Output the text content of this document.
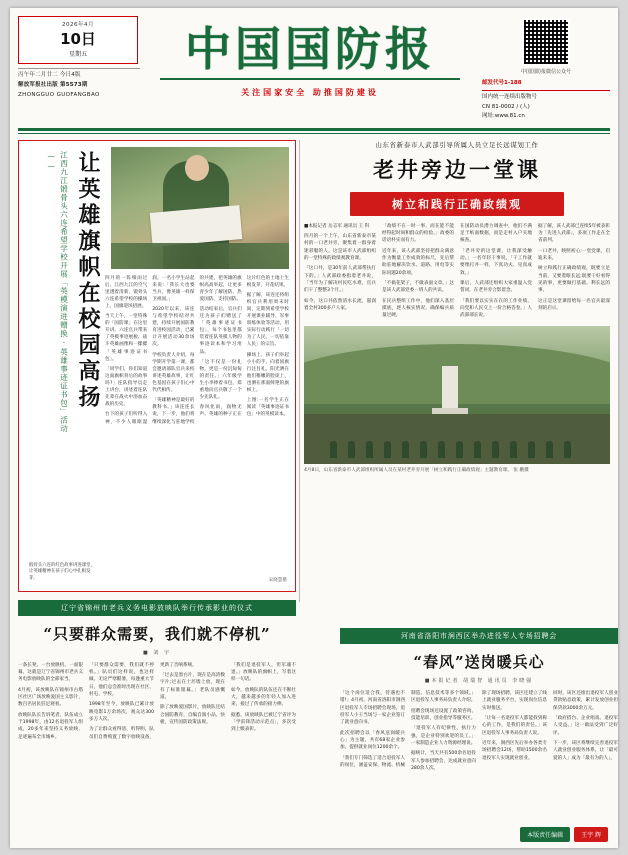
2026年4月
10日
星期五
丙午年二月廿二 今日4版
解放军报社出版 第5573期
ZHONGGUO GUOFANGBAO
中国国防报
关注国家安全 助推国防建设
中国国防报微信公众号
邮发代号1-188
国内统一连续出版物号
CN 81-0002 / (人)
网址:www.81.cn
让英雄旗帜在校园高扬
江西九江锻骨头六连希望学校开展「英模演进赠换·英雄事迹证书包」活动——

四月的一阵细雨过后，江西九江的空气里透着清新，锻骨头六连希望学校的操场上，国旗迎风招展。

当天上午，一堂特殊的「国防课」在这里开讲。六连官兵带来了英模事迹展板、战斗英雄画像和一摞摞「英雄事迹证书包」。

「同学们，你们知道这面旗帜背后的故事吗?」连队指导员走上讲台，讲述着连队先辈在战火中浴血奋战的历史。

台下的孩子们听得入神，不少人眼眶湿润。一名小学生站起来说:「我长大也要当兵，像英雄一样保卫祖国。」

2020年以来，该连与希望学校结对共建，持续开展国防教育进校园活动，已累计开展活动30余场次。

学校负责人介绍，每学期开学第一课，都会邀请部队官兵来校讲述英雄故事，让红色基因在孩子们心中代代相传。

「英雄精神是最好的教科书。」该连连长说，下一步，他们将继续深化与驻地学校的共建，把英雄的旗帜高高举起，让更多青少年了解国防、热爱国防、支持国防。

活动结束后，官兵们还为孩子们赠送了「英雄事迹证书包」，每个书包里都装着连队英模人物的事迹读本和学习用品。

「这不仅是一份礼物，更是一份沉甸甸的责任。」六年级学生小李捧着书包，郑重地向官兵敬了一个少先队礼。

春风化雨，润物无声。英雄的种子正在这片红色的土地上生根发芽，开花结果。

据了解，该连还将组织官兵利用周末时间，定期到希望学校开展课业辅导、军事训练体验等活动，用实际行动践行「一切为了人民、一切依靠人民」的宗旨。

操场上，孩子们举起小小的手，向着国旗行注目礼。阳光洒在他们稚嫩的脸庞上，也洒在那面鲜艳的旗帜上。

上图:一名学生正在阅读「英雄事迹证书包」中的英模读本。

锻骨头六连的红色故事讲进课堂，让英雄精神在孩子们心中扎根发芽。	宋晓慧摄
辽宁省锦州市老兵义务电影放映队举行传承影业的仪式
“只要群众需要，我们就不停机”
■ 刘 宇

一条长凳、一台放映机、一面银幕，这就是辽宁省锦州市老兵义务电影放映队的全部家当。

4月初，该放映队在锦州市古塔区社区广场放映爱国主义影片，数百名居民驻足观看。

放映队队长告诉笔者，队伍成立于1998年，由12名退役军人组成，20多年来坚持义务放映，足迹遍布全市城乡。

「只要群众需要，我们就不停机。」队员们这样说，也这样做。无论严寒酷暑，每逢重大节日，他们总会准时出现在社区、村屯、学校。

1998年至今，放映队已累计放映电影1万余场次，观众达300多万人次。

为了让群众看得清、听得明，队员们自费购置了数字放映设备，更新了音响系统。

「过去是黑白片，现在是高清数字片;过去在土坯墙上放，现在有了标准银幕。」老队员感慨道。

除了放映爱国影片，放映队还结合国防教育，自编自演小品、快板，宣传国防政策法规。

「我们是退役军人，但军魂不退。」放映队的旗帜上，写着这样一句话。

如今，放映队的队伍还在不断壮大，越来越多的年轻人加入进来，接过了传承的接力棒。

据悉，该放映队已被辽宁省评为「学雷锋活动示范点」，多次受到上级表彰。

山东省新泰市人武部引导所属人员立足长远谋划工作
老井旁边一堂课
树立和践行正确政绩观

■本报记者 岳志军 通讯员 王 科

四月的一个上午，山东省新泰市某村的一口老井旁，聚集着一群身着迷彩服的人。这是该市人武部组织的一堂特殊的政绩观教育课。

「这口井，是30年前人武部帮扶打下的。」人武部政委指着老井说，「当年为了解决村民吃水难，官兵们干了整整3个月。」

如今，这口井依然清水长流，滋润着全村300多户人家。

「政绩不在一时一事，而在能不能经得起时间和群众的检验。」政委的话语朴实而有力。

近年来，该人武部坚持把群众满意作为衡量工作成效的标尺，先后帮助驻地解决饮水、道路、用电等实际问题20余项。

「不搞花架子，不做表面文章。」这是该人武部党委一班人的共识。

在民兵整组工作中，他们深入基层摸底，逐人核实情况，确保编兵质量过硬。

在国防动员潜力调查中，他们不满足于纸面数据，而是走村入户实地核查。

「老井旁的这堂课，让我深受触动。」一名年轻干事说，「干工作就要像打井一样，下真功夫、见真成效。」

课后，人武部还组织大家重温入党誓词，在老井旁合影留念。

「我们要以实实在在的工作业绩，向党和人民交上一份合格答卷。」人武部部长说。

据了解，该人武部已连续5年被表彰为「先进人武部」，多项工作走在全省前列。

一口老井，映照初心;一堂党课，启迪未来。

树立和践行正确政绩观，既要立足当前，又要着眼长远;既要干好看得见的事，更要做打基础、利长远的事。

这正是这堂课留给每一名官兵最深刻的启示。

4月8日，山东省新泰市人武部组织所属人员在某村老井旁开展「树立和践行正确政绩观」主题教育课。 张 鹏摄
河南省洛阳市涧西区举办进役军人专场招聘会
“春风”送岗暖兵心
■本报记者 胡瑞智 通讯员 李晓强

「这个岗位适合我，待遇也不错!」4月初，河南省洛阳市涧西区退役军人专场招聘会现场，退役军人小王当场与一家企业签订了就业意向书。

此次招聘会以「春风送岗暖兵心」为主题，共有68家企业参加，提供就业岗位1200余个。

「我们专门筛选了适合退役军人的岗位，涵盖安保、物流、机械制造、信息技术等多个领域。」区退役军人事务局负责人介绍。

招聘会现场还设置了政策咨询、技能培训、创业指导等服务区。

「退役军人有纪律性、执行力强，是企业特别欢迎的员工。」一家制造企业人力资源经理说。

据统计，当天共有500余名退役军人参加招聘会，达成就业意向280余人次。

除了现场招聘，该区还建立了线上就业服务平台，实现岗位信息实时推送。

「让每一名退役军人都能找到称心的工作，是我们的责任。」该区退役军人事务局负责人说。

近年来，涧西区先后举办各类专场招聘会12场，帮助1500余名退役军人实现就业创业。

同时，该区还推出退役军人创业贷款贴息政策，累计发放创业担保贷款3000余万元。

「政府搭台、企业唱戏、退役军人受益。」这一做法受到广泛好评。

下一步，该区将继续完善退役军人就业创业服务体系，让「最可爱的人」成为「最有为的人」。

本版责任编辑	王宇 辉
